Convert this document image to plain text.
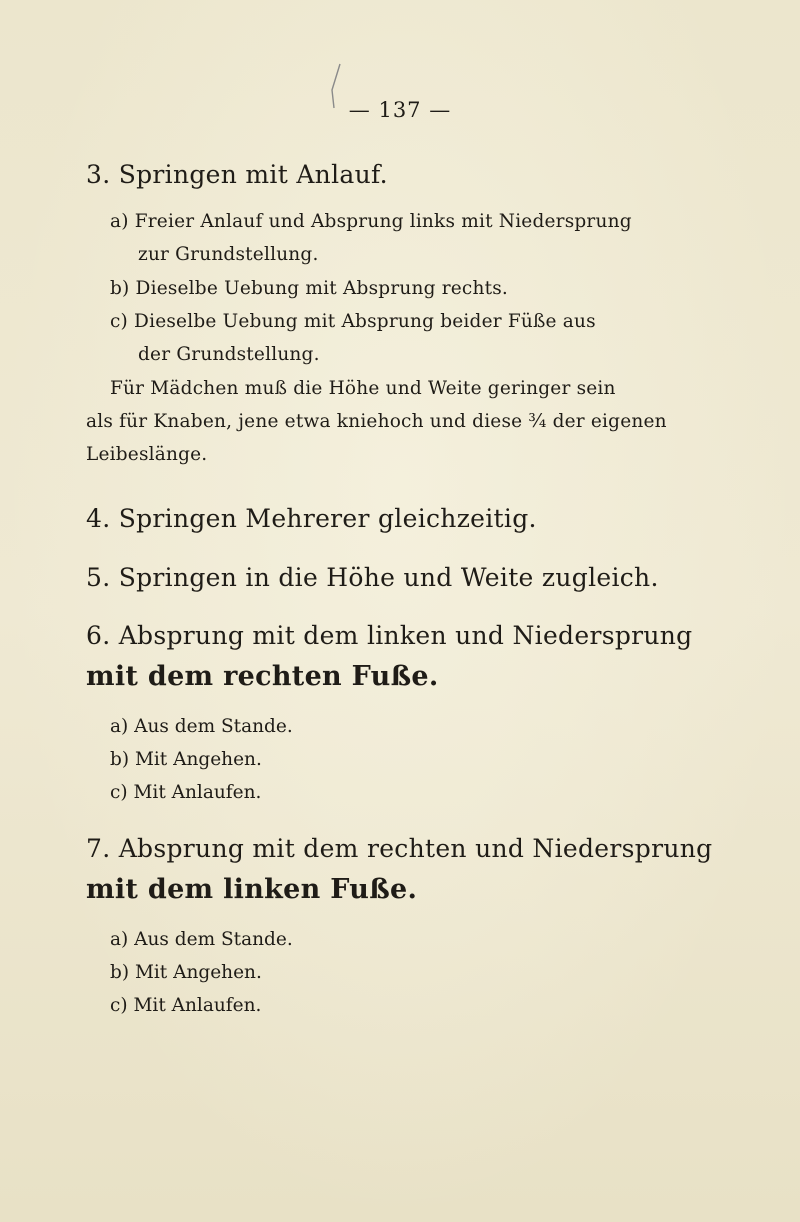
— 137 —
3. Springen mit Anlauf.
a) Freier Anlauf und Absprung links mit Niedersprung
zur Grundstellung.
b) Dieselbe Uebung mit Absprung rechts.
c) Dieselbe Uebung mit Absprung beider Füße aus
der Grundstellung.
Für Mädchen muß die Höhe und Weite geringer sein
als für Knaben, jene etwa kniehoch und diese ¾ der eigenen
Leibeslänge.
4. Springen Mehrerer gleichzeitig.
5. Springen in die Höhe und Weite zugleich.
6. Absprung mit dem linken und Niedersprung
mit dem rechten Fuße.
a) Aus dem Stande.
b) Mit Angehen.
c) Mit Anlaufen.
7. Absprung mit dem rechten und Niedersprung
mit dem linken Fuße.
a) Aus dem Stande.
b) Mit Angehen.
c) Mit Anlaufen.
